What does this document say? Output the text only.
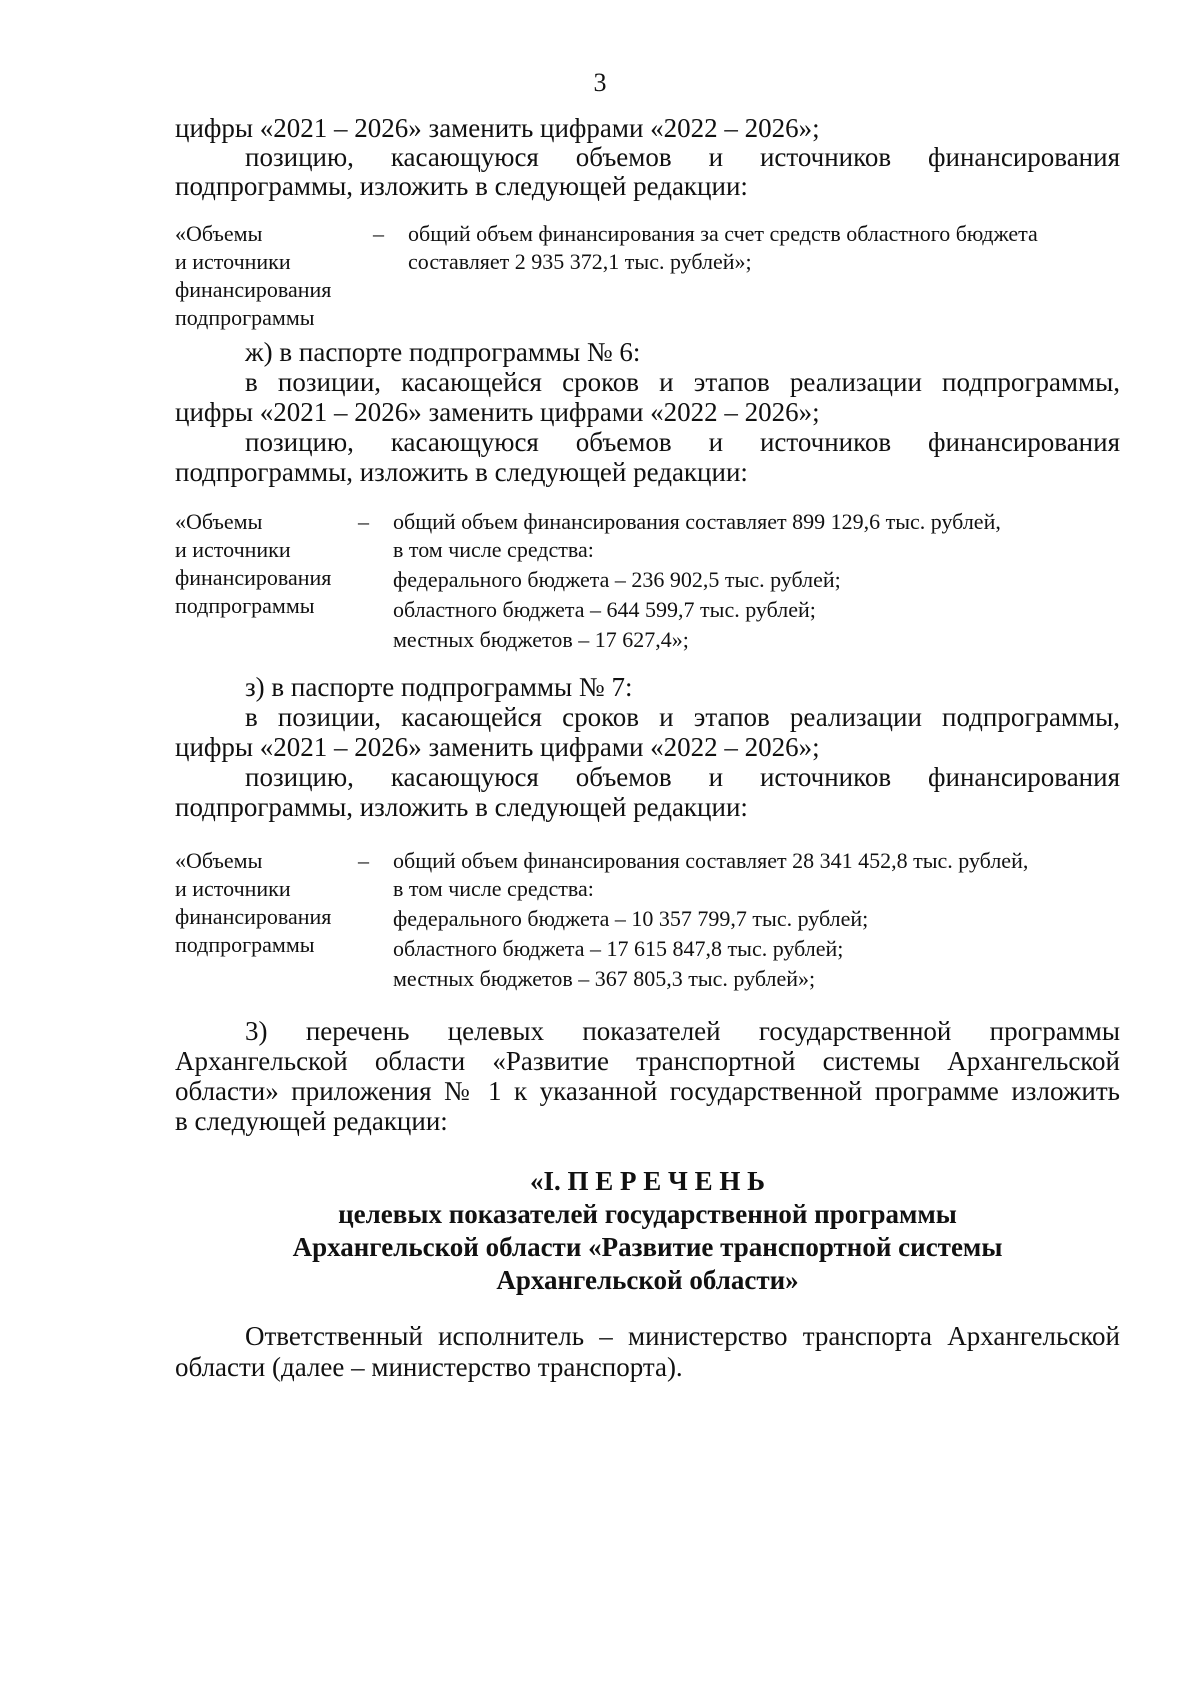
3

цифры «2021 – 2026» заменить цифрами «2022 – 2026»;

позицию, касающуюся объемов и источников финансирования

подпрограммы, изложить в следующей редакции:

«Объемы
и источники
финансирования
подпрограммы
– общий объем финансирования за счет средств областного бюджета
составляет 2 935 372,1 тыс. рублей»;

ж) в паспорте подпрограммы № 6:

в позиции, касающейся сроков и этапов реализации подпрограммы,

цифры «2021 – 2026» заменить цифрами «2022 – 2026»;

позицию, касающуюся объемов и источников финансирования

подпрограммы, изложить в следующей редакции:

«Объемы
и источники
финансирования
подпрограммы
– общий объем финансирования составляет 899 129,6 тыс. рублей,
в том числе средства:
федерального бюджета – 236 902,5 тыс. рублей;
областного бюджета – 644 599,7 тыс. рублей;
местных бюджетов – 17 627,4»;

з) в паспорте подпрограммы № 7:

в позиции, касающейся сроков и этапов реализации подпрограммы,

цифры «2021 – 2026» заменить цифрами «2022 – 2026»;

позицию, касающуюся объемов и источников финансирования

подпрограммы, изложить в следующей редакции:

«Объемы
и источники
финансирования
подпрограммы
– общий объем финансирования составляет 28 341 452,8 тыс. рублей,
в том числе средства:
федерального бюджета – 10 357 799,7 тыс. рублей;
областного бюджета – 17 615 847,8 тыс. рублей;
местных бюджетов – 367 805,3 тыс. рублей»;

3) перечень целевых показателей государственной программы

Архангельской области «Развитие транспортной системы Архангельской

области» приложения № 1 к указанной государственной программе изложить

в следующей редакции:

«I. П Е Р Е Ч Е Н Ь
целевых показателей государственной программы
Архангельской области «Развитие транспортной системы
Архангельской области»

Ответственный исполнитель – министерство транспорта Архангельской

области (далее – министерство транспорта).
